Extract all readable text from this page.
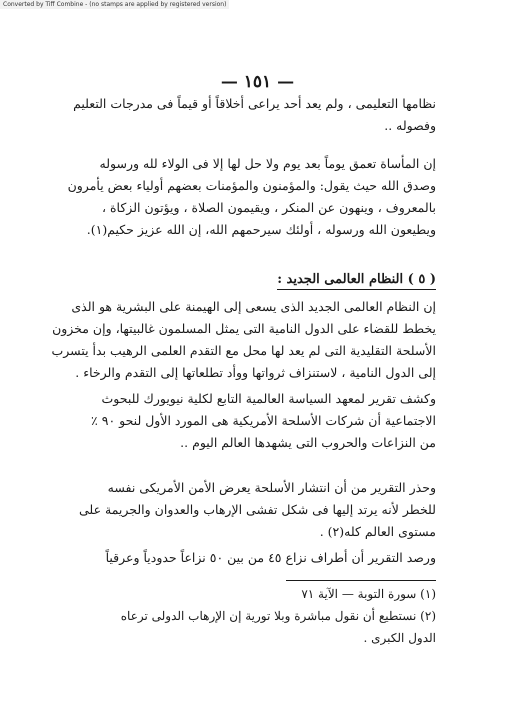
Converted by Tiff Combine - (no stamps are applied by registered version)
— ١٥١ —
نظامها التعليمى ، ولم يعد أحد يراعى أخلاقاً أو قيماً فى مدرجات التعليم
وفصوله ..
إن المأساة تعمق يوماً بعد يوم ولا حل لها إلا فى الولاء لله ورسوله
وصدق الله حيث يقول: والمؤمنون والمؤمنات بعضهم أولياء بعض يأمرون
بالمعروف ، وينهون عن المنكر ، ويقيمون الصلاة ، ويؤتون الزكاة ،
ويطيعون الله ورسوله ، أولئك سيرحمهم الله، إن الله عزيز حكيم(١).
( ٥ ) النظام العالمى الجديد :
إن النظام العالمى الجديد الذى يسعى إلى الهيمنة على البشرية هو الذى
يخطط للقضاء على الدول النامية التى يمثل المسلمون غالبيتها، وإن مخزون
الأسلحة التقليدية التى لم يعد لها محل مع التقدم العلمى الرهيب بدأ يتسرب
إلى الدول النامية ، لاستنزاف ثرواتها ووأد تطلعاتها إلى التقدم والرخاء .
وكشف تقرير لمعهد السياسة العالمية التابع لكلية نيويورك للبحوث
الاجتماعية أن شركات الأسلحة الأمريكية هى المورد الأول لنحو ٩٠ ٪
من النزاعات والحروب التى يشهدها العالم اليوم ..
وحذر التقرير من أن انتشار الأسلحة يعرض الأمن الأمريكى نفسه
للخطر لأنه يرتد إليها فى شكل تفشى الإرهاب والعدوان والجريمة على
مستوى العالم كله(٢) .
ورصد التقرير أن أطراف نزاع ٤٥ من بين ٥٠ نزاعاً حدودياً وعرقياً
(١) سورة التوبة — الآية ٧١
(٢) نستطيع أن نقول مباشرة وبلا تورية إن الإرهاب الدولى ترعاه
الدول الكبرى .
